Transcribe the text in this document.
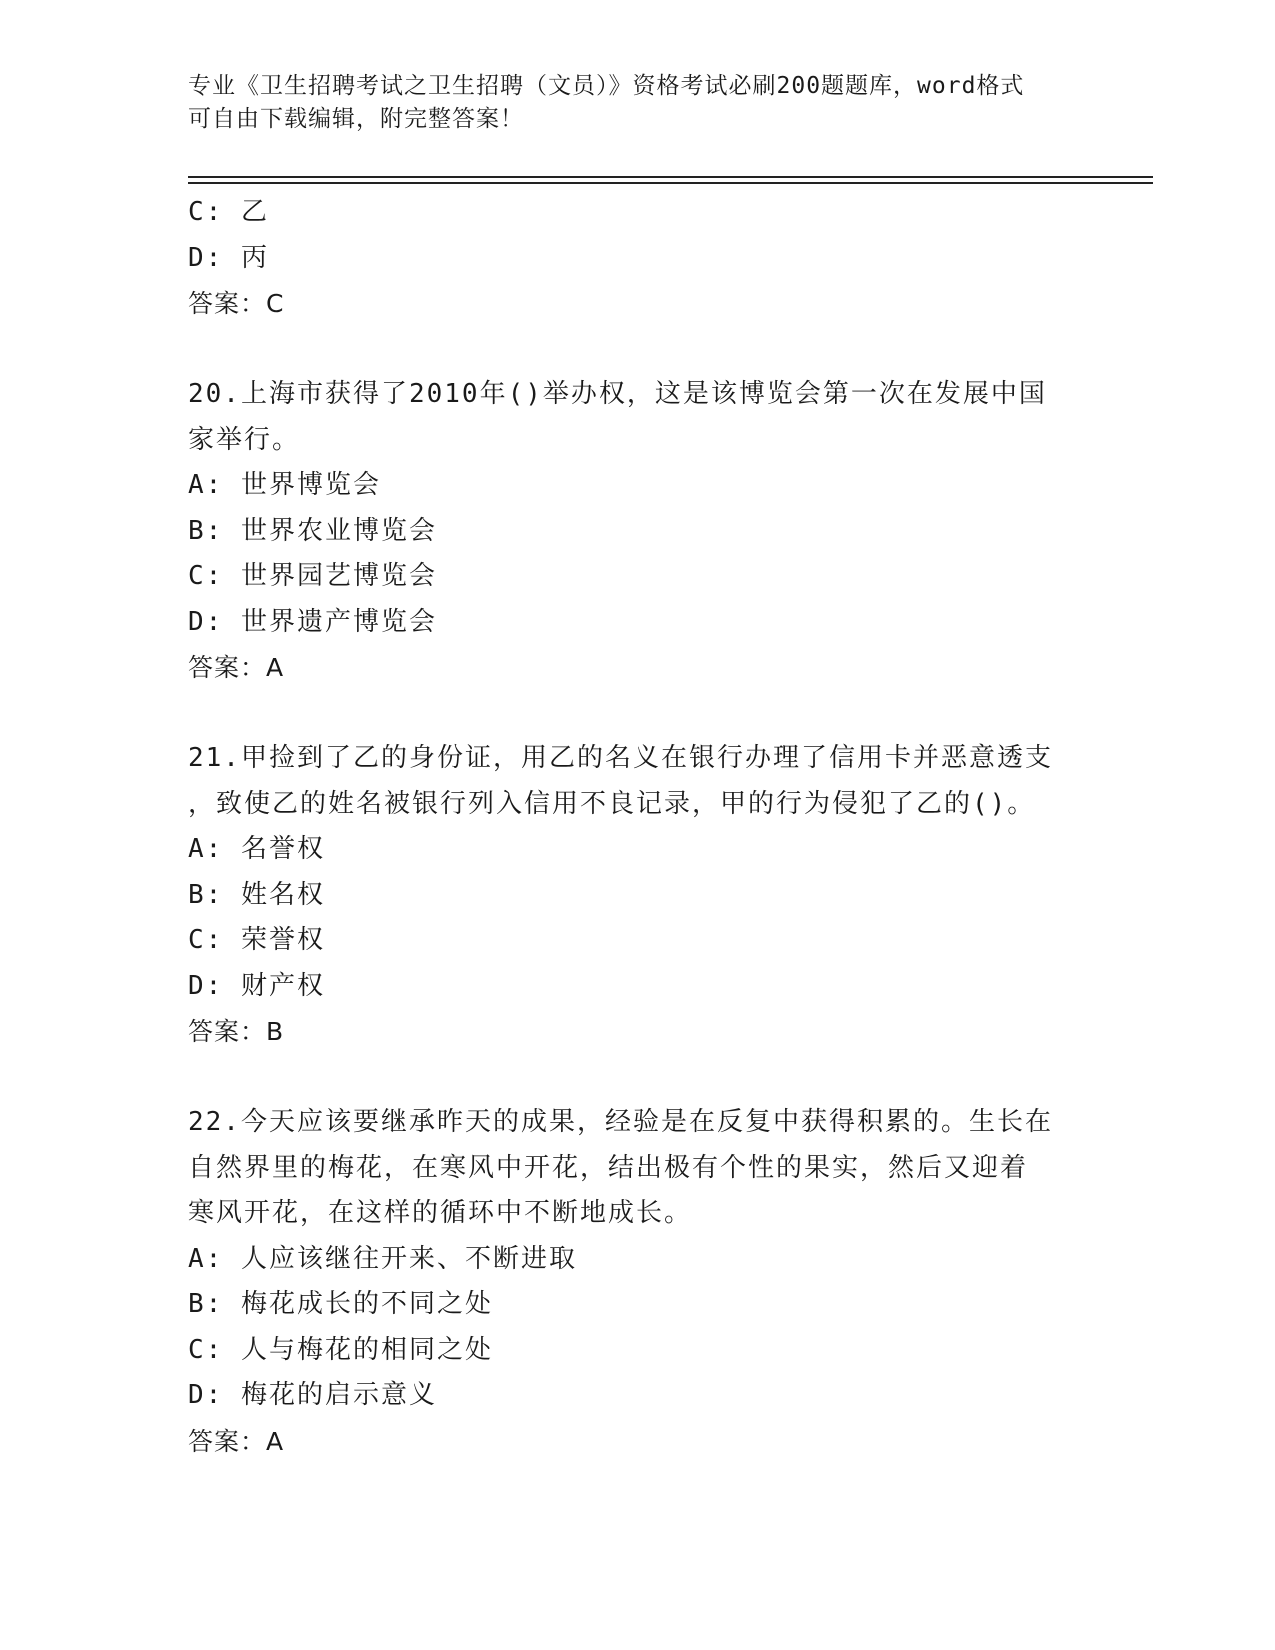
专业《卫生招聘考试之卫生招聘（文员）》资格考试必刷200题题库，word格式
可自由下载编辑，附完整答案！
C: 乙
D: 丙
答案：C
20.上海市获得了2010年()举办权，这是该博览会第一次在发展中国
家举行。
A: 世界博览会
B: 世界农业博览会
C: 世界园艺博览会
D: 世界遗产博览会
答案：A
21.甲捡到了乙的身份证，用乙的名义在银行办理了信用卡并恶意透支
，致使乙的姓名被银行列入信用不良记录，甲的行为侵犯了乙的()。
A: 名誉权
B: 姓名权
C: 荣誉权
D: 财产权
答案：B
22.今天应该要继承昨天的成果，经验是在反复中获得积累的。生长在
自然界里的梅花，在寒风中开花，结出极有个性的果实，然后又迎着
寒风开花，在这样的循环中不断地成长。
A: 人应该继往开来、不断进取
B: 梅花成长的不同之处
C: 人与梅花的相同之处
D: 梅花的启示意义
答案：A
